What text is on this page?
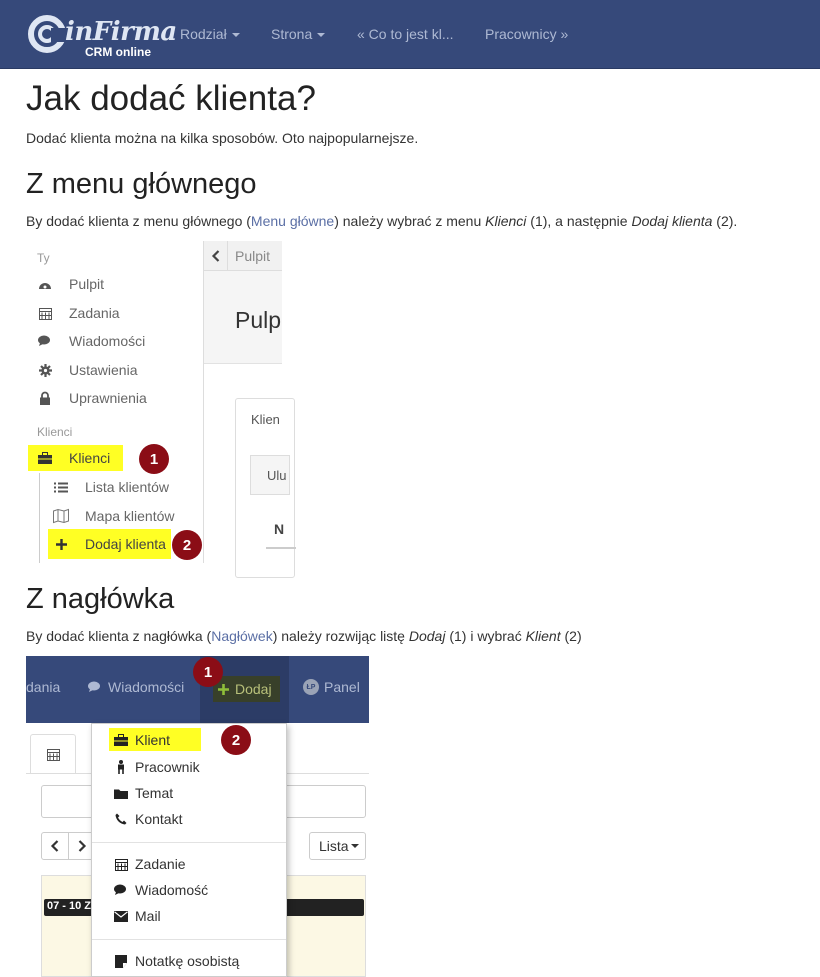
inFirma
CRM online
Rodział	Strona	« Co to jest kl... Pracownicy »
Jak dodać klienta?
Dodać klienta można na kilka sposobów. Oto najpopularnejsze.
Z menu głównego
By dodać klienta z menu głównego (Menu główne) należy wybrać z menu Klienci (1), a następnie Dodaj klienta (2).
Ty
Pulpit
Zadania
Wiadomości
Ustawienia
Uprawnienia
Klienci
Klienci	1
Lista klientów
Mapa klientów
Dodaj klienta	2
Pulpit
Pulp
Klien
Ulu
N
Z nagłówka
By dodać klienta z nagłówka (Nagłówek) należy rozwijąc listę Dodaj (1) i wybrać Klient (2)
dania	Wiadomości	Dodaj
1
ŁP Panel
Lista
07 - 10 Z
Klient
Pracownik
Temat
Kontakt
Zadanie
Wiadomość
Mail
Notatkę osobistą
2
